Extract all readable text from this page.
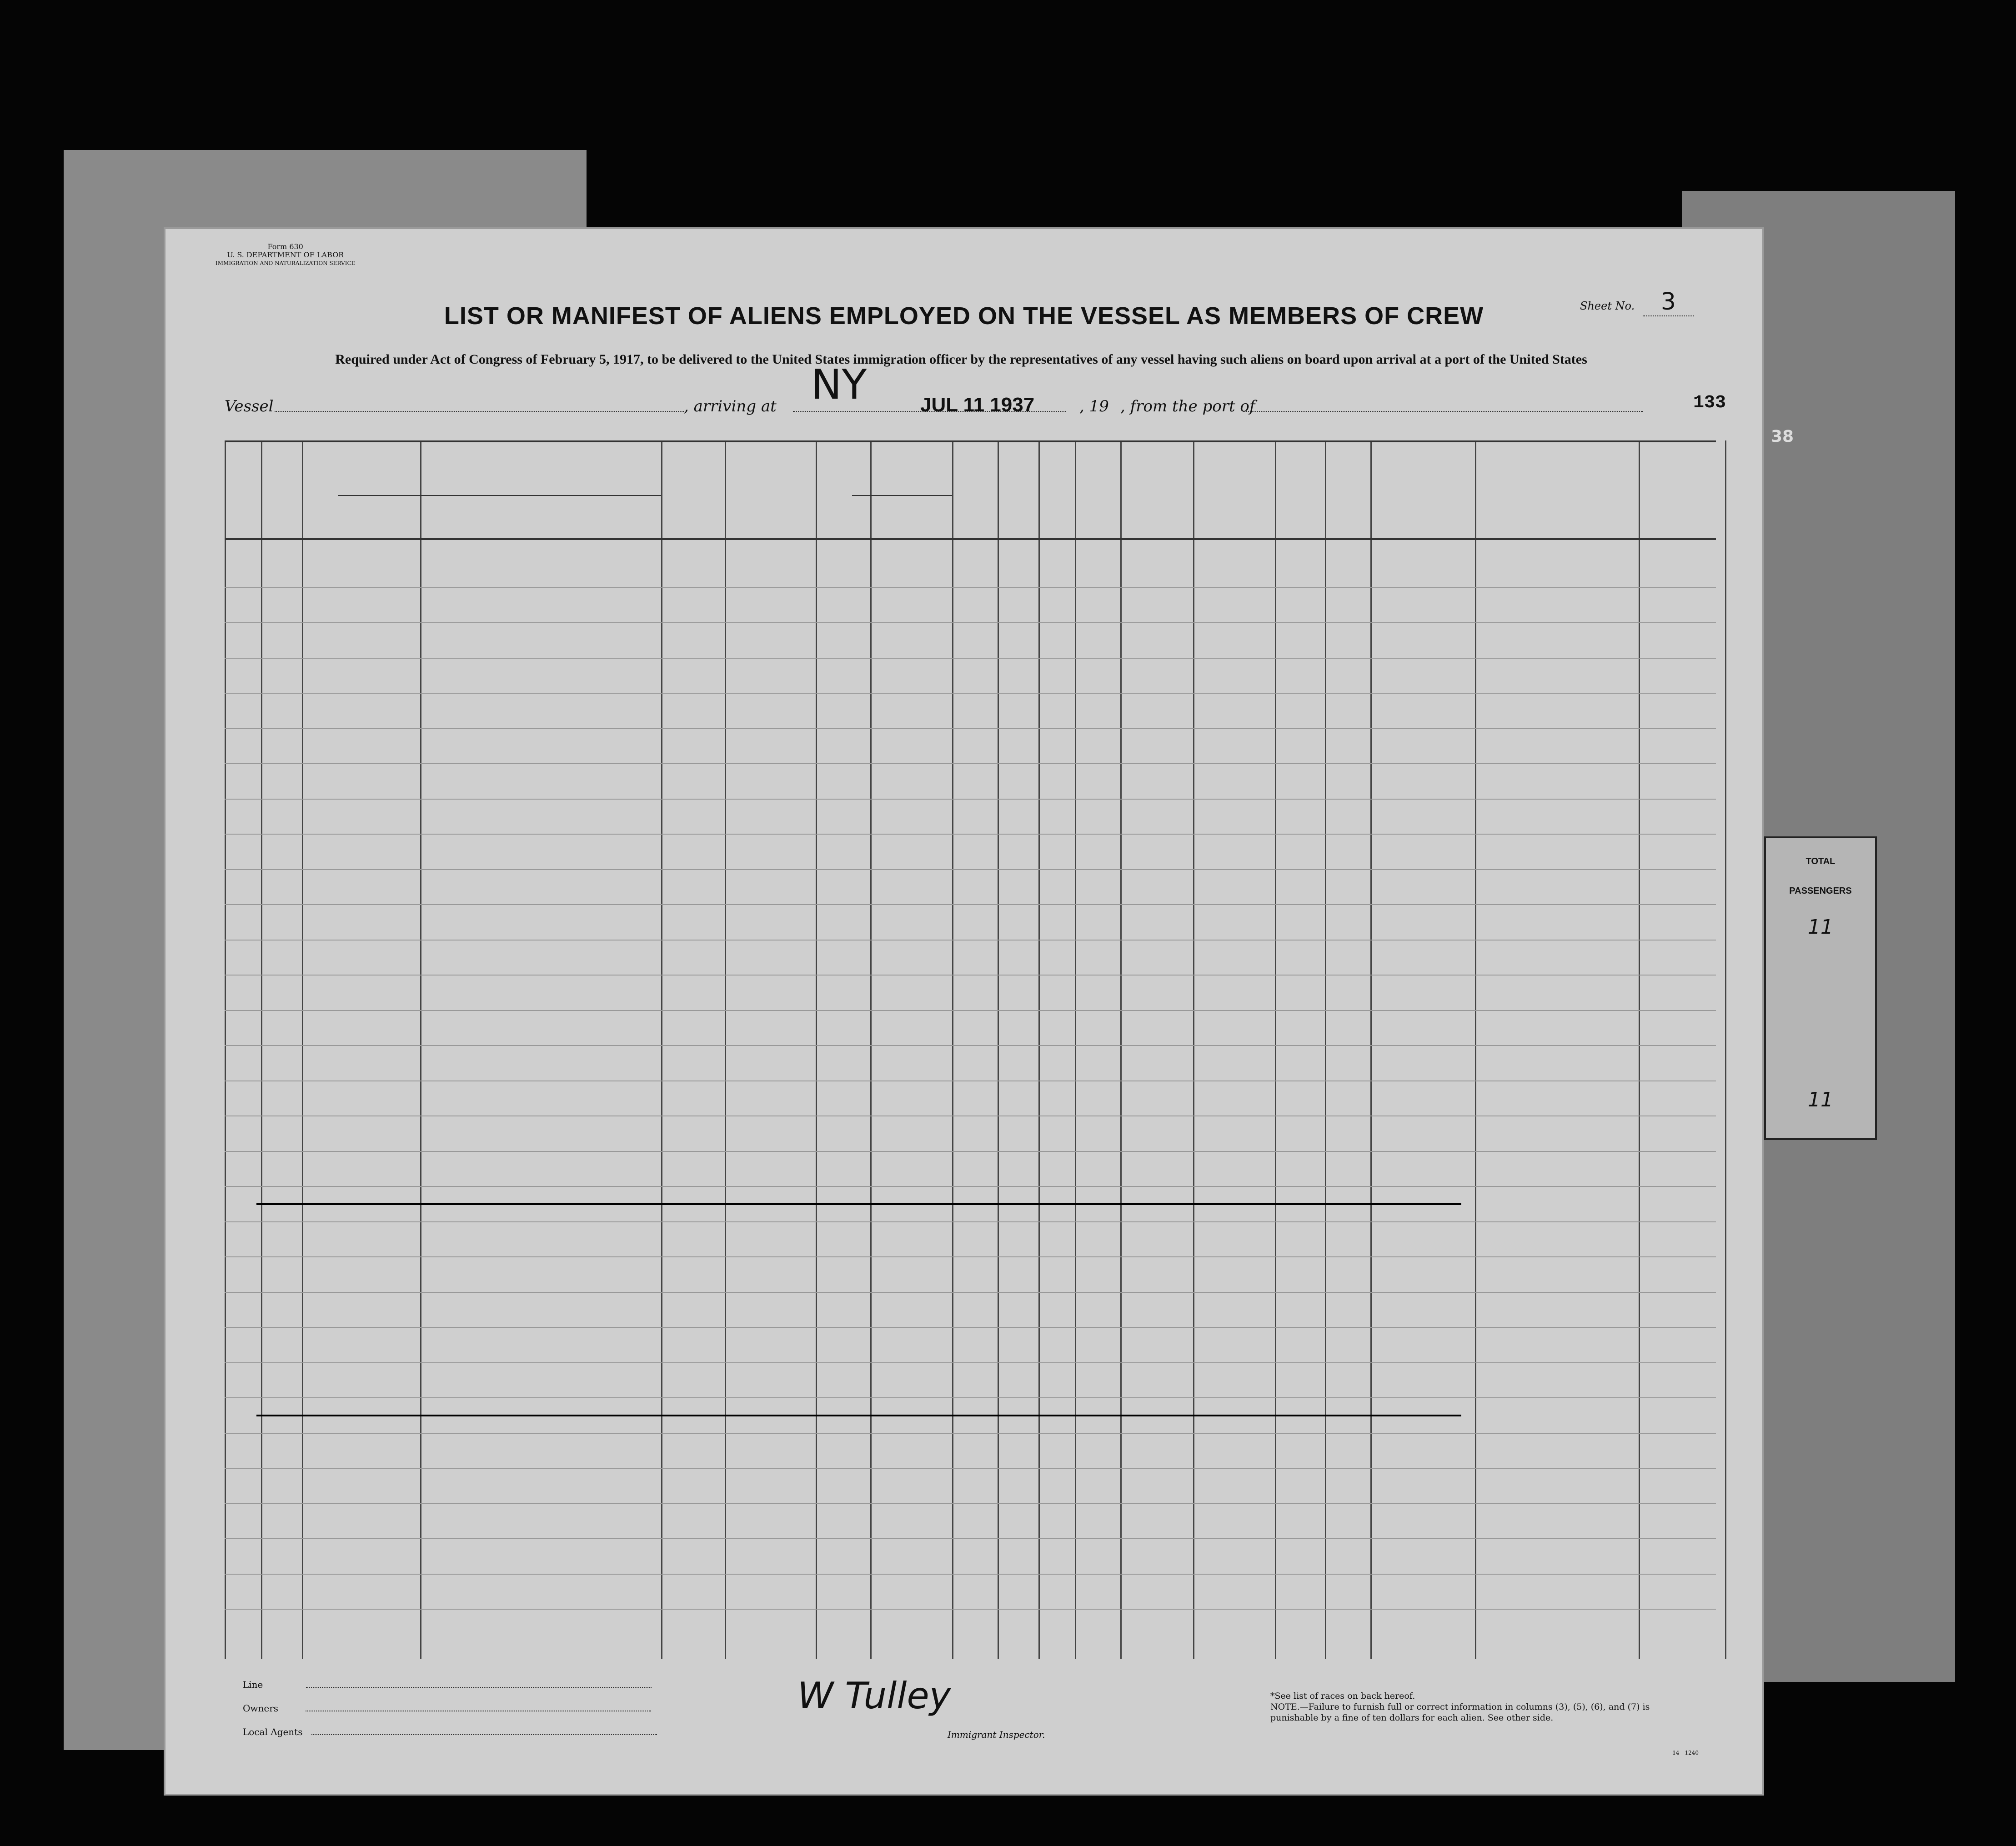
Form 630
U. S. DEPARTMENT OF LABOR
IMMIGRATION AND NATURALIZATION SERVICE
Sheet No. 3
LIST OR MANIFEST OF ALIENS EMPLOYED ON THE VESSEL AS MEMBERS OF CREW
Required under Act of Congress of February 5, 1917, to be delivered to the United States immigration officer by the representatives of any vessel having such aliens on board upon arrival at a port of the United States
Vessel	, arriving at NY	JUL 11 1937	, 19 , from the port of	133
Line
Owners
Local Agents
W Tulley
Immigrant Inspector.
*See list of races on back hereof.
NOTE.—Failure to furnish full or correct information in columns (3), (5), (6), and (7) is punishable by a fine of ten dollars for each alien. See other side.
14—1240
38
TOTAL
PASSENGERS
11
11
